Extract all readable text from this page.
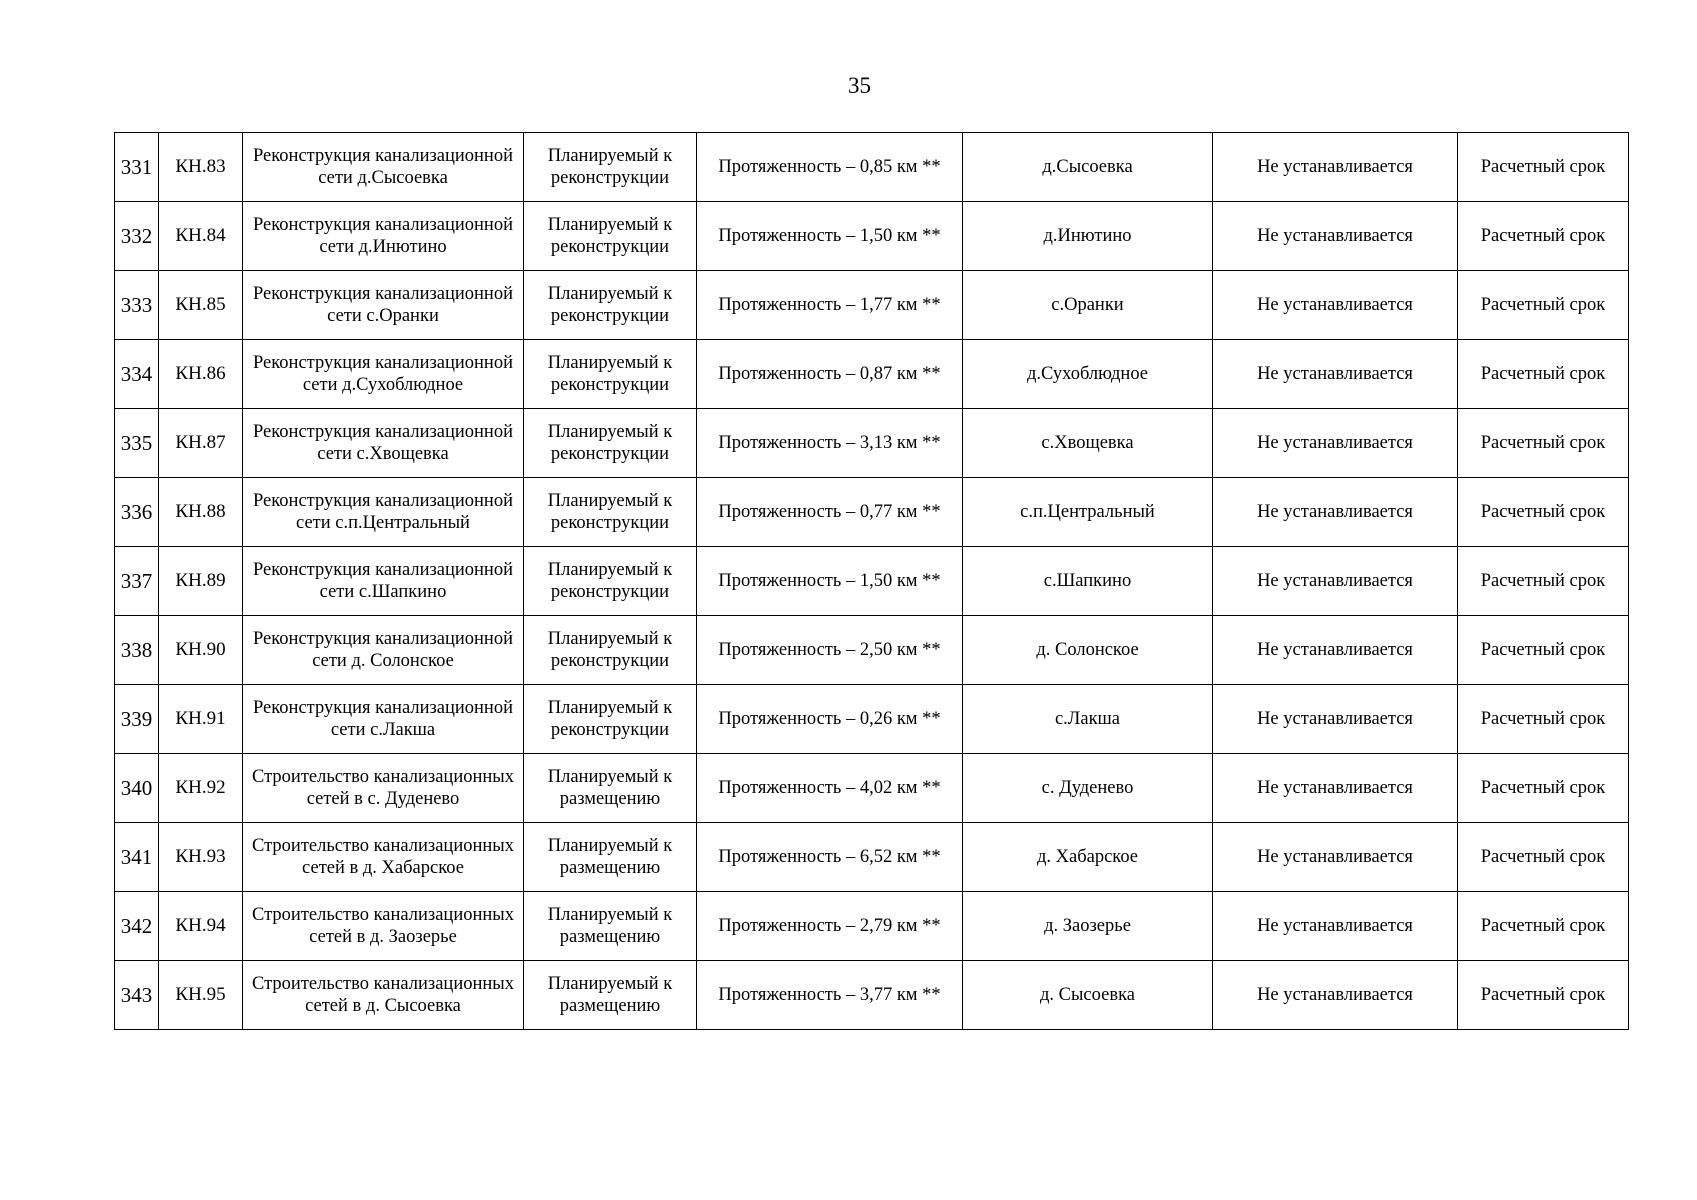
35
331	КН.83	Реконструкция канализационной сети д.Сысоевка	Планируемый к реконструкции	Протяженность – 0,85 км **	д.Сысоевка	Не устанавливается	Расчетный срок
332	КН.84	Реконструкция канализационной сети д.Инютино	Планируемый к реконструкции	Протяженность – 1,50 км **	д.Инютино	Не устанавливается	Расчетный срок
333	КН.85	Реконструкция канализационной сети с.Оранки	Планируемый к реконструкции	Протяженность – 1,77 км **	с.Оранки	Не устанавливается	Расчетный срок
334	КН.86	Реконструкция канализационной сети д.Сухоблюдное	Планируемый к реконструкции	Протяженность – 0,87 км **	д.Сухоблюдное	Не устанавливается	Расчетный срок
335	КН.87	Реконструкция канализационной сети с.Хвощевка	Планируемый к реконструкции	Протяженность – 3,13 км **	с.Хвощевка	Не устанавливается	Расчетный срок
336	КН.88	Реконструкция канализационной сети с.п.Центральный	Планируемый к реконструкции	Протяженность – 0,77 км **	с.п.Центральный	Не устанавливается	Расчетный срок
337	КН.89	Реконструкция канализационной сети с.Шапкино	Планируемый к реконструкции	Протяженность – 1,50 км **	с.Шапкино	Не устанавливается	Расчетный срок
338	КН.90	Реконструкция канализационной сети д. Солонское	Планируемый к реконструкции	Протяженность – 2,50 км **	д. Солонское	Не устанавливается	Расчетный срок
339	КН.91	Реконструкция канализационной сети с.Лакша	Планируемый к реконструкции	Протяженность – 0,26 км **	с.Лакша	Не устанавливается	Расчетный срок
340	КН.92	Строительство канализационных сетей в с. Дуденево	Планируемый к размещению	Протяженность – 4,02 км **	с. Дуденево	Не устанавливается	Расчетный срок
341	КН.93	Строительство канализационных сетей в д. Хабарское	Планируемый к размещению	Протяженность – 6,52 км **	д. Хабарское	Не устанавливается	Расчетный срок
342	КН.94	Строительство канализационных сетей в д. Заозерье	Планируемый к размещению	Протяженность – 2,79 км **	д. Заозерье	Не устанавливается	Расчетный срок
343	КН.95	Строительство канализационных сетей в д. Сысоевка	Планируемый к размещению	Протяженность – 3,77 км **	д. Сысоевка	Не устанавливается	Расчетный срок
